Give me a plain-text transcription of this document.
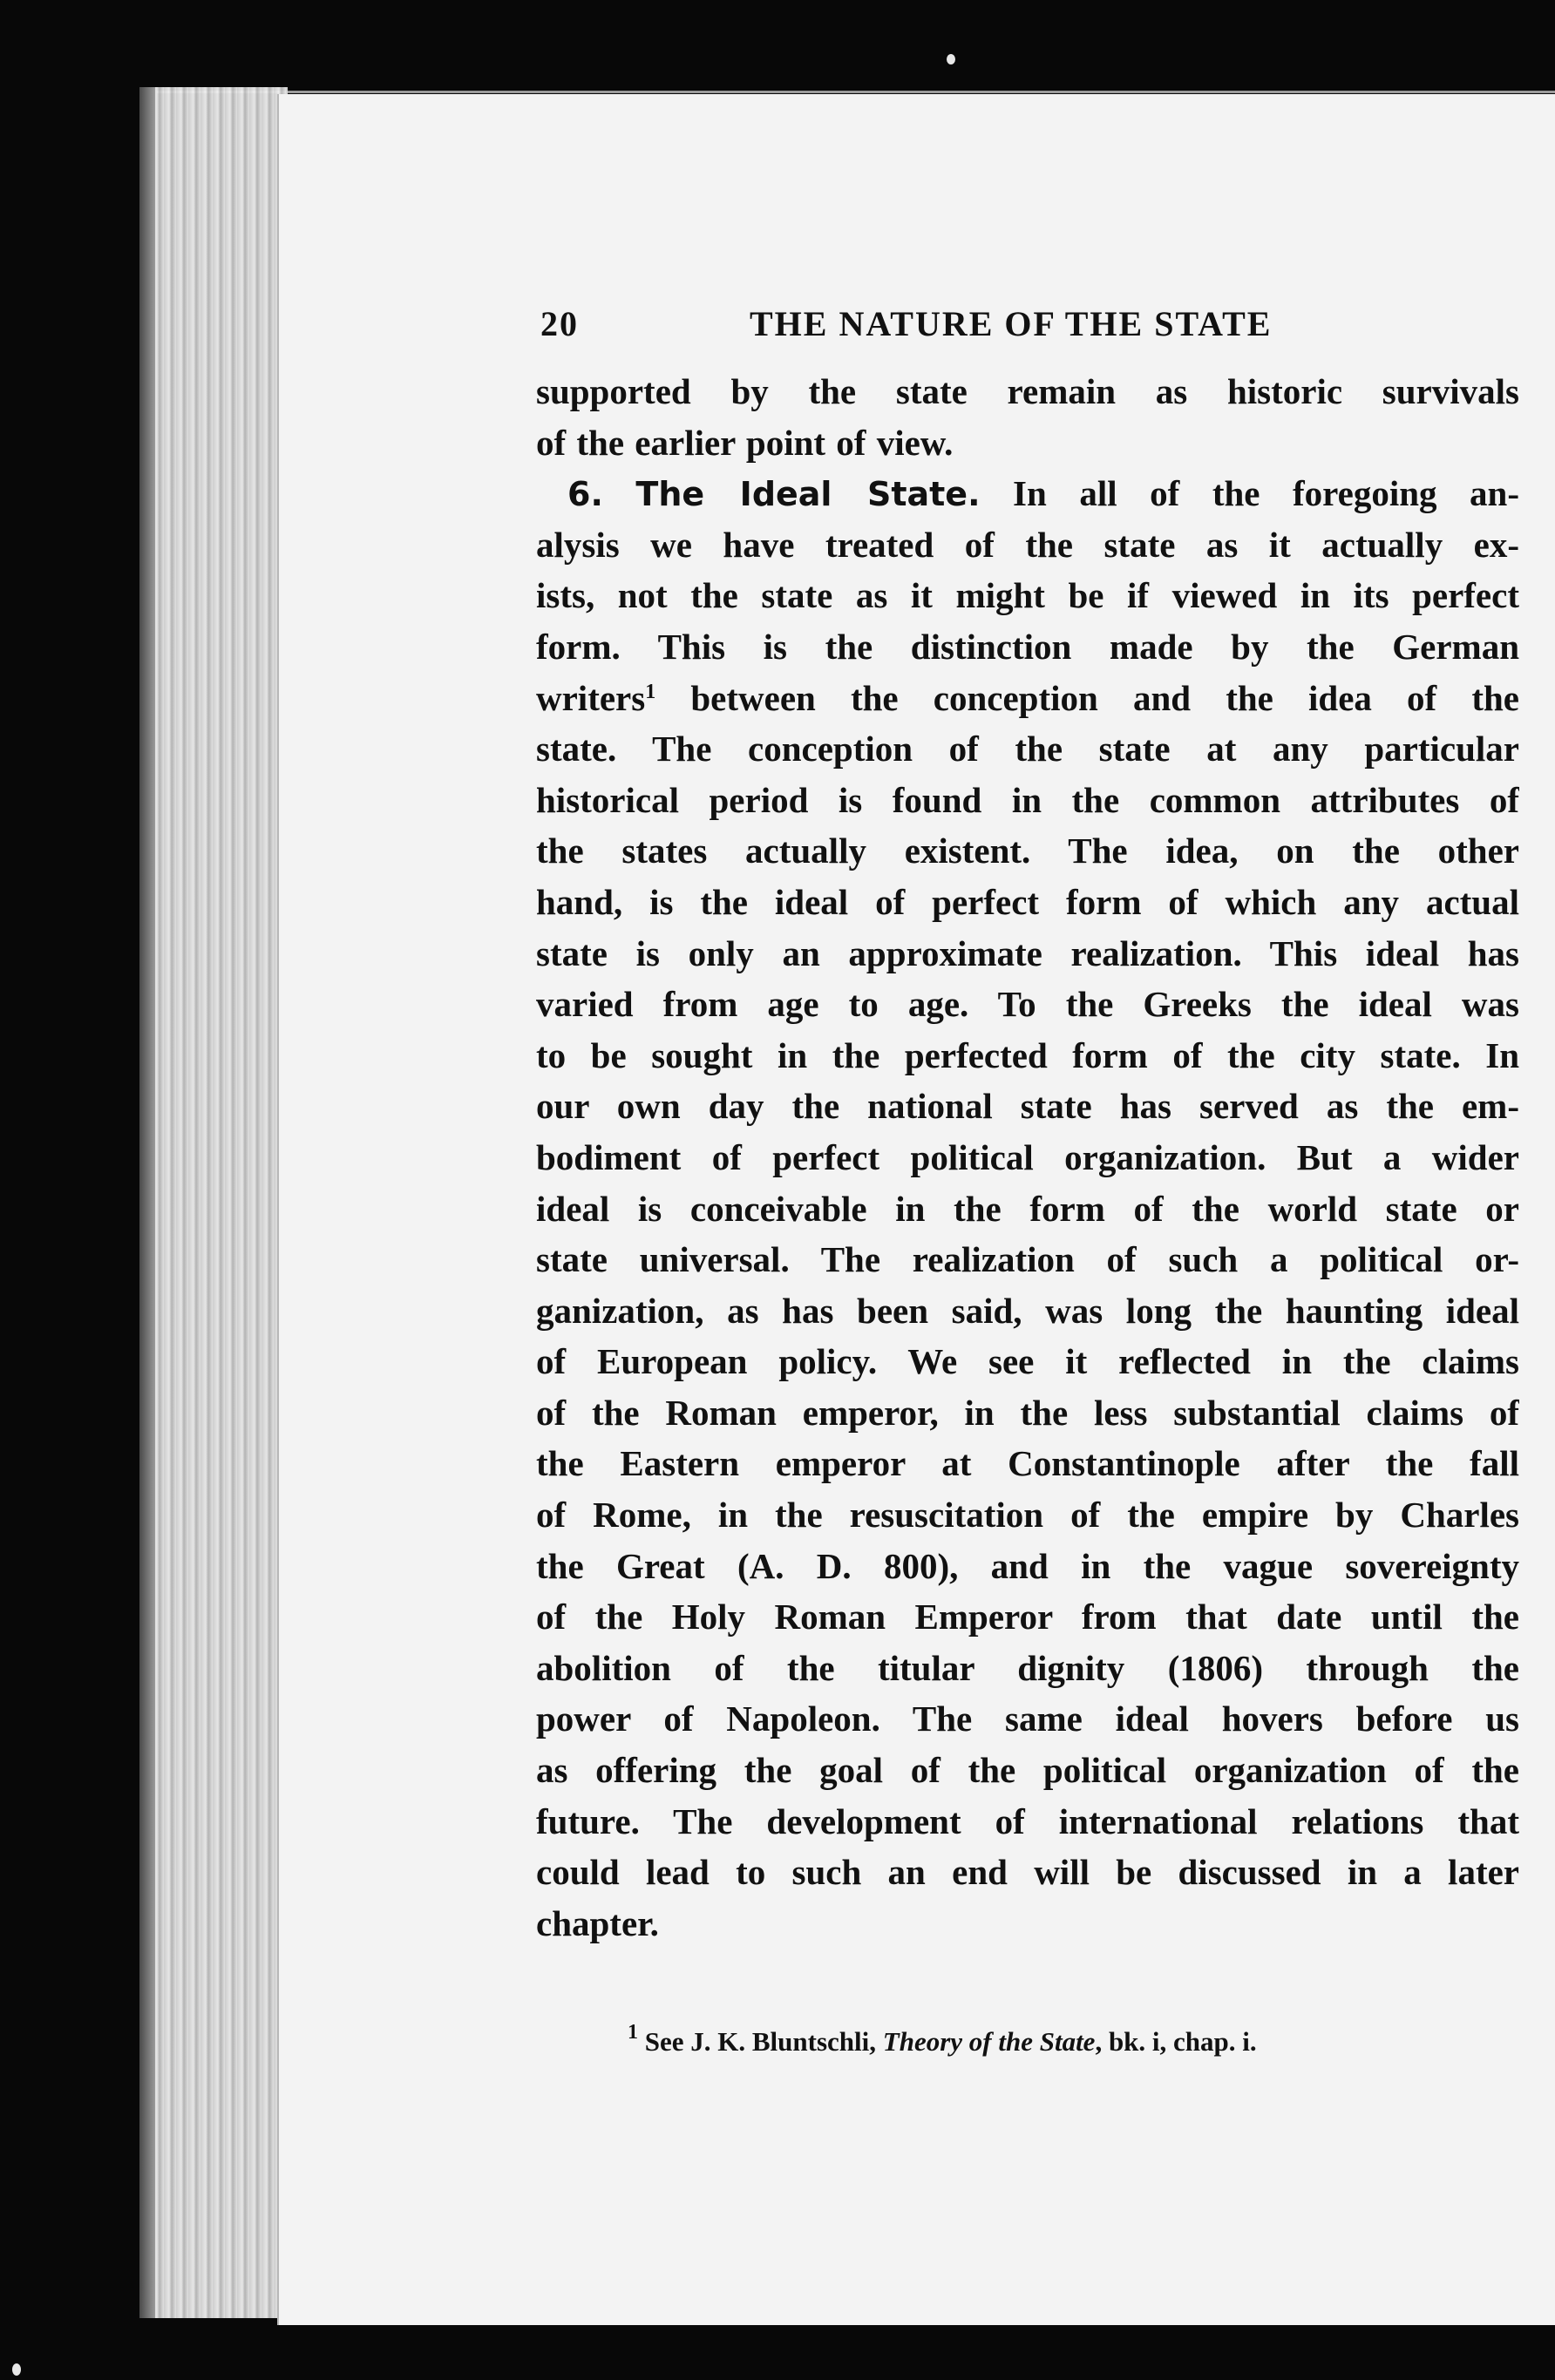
20	THE NATURE OF THE STATE
supported by the state remain as historic survivals
of the earlier point of view.
6. The Ideal State. In all of the foregoing an-
alysis we have treated of the state as it actually ex-
ists, not the state as it might be if viewed in its perfect
form. This is the distinction made by the German
writers$^1$ between the conception and the idea of the
state. The conception of the state at any particular
historical period is found in the common attributes of
the states actually existent. The idea, on the other
hand, is the ideal of perfect form of which any actual
state is only an approximate realization. This ideal has
varied from age to age. To the Greeks the ideal was
to be sought in the perfected form of the city state. In
our own day the national state has served as the em-
bodiment of perfect political organization. But a wider
ideal is conceivable in the form of the world state or
state universal. The realization of such a political or-
ganization, as has been said, was long the haunting ideal
of European policy. We see it reflected in the claims
of the Roman emperor, in the less substantial claims of
the Eastern emperor at Constantinople after the fall
of Rome, in the resuscitation of the empire by Charles
the Great (A. D. 800), and in the vague sovereignty
of the Holy Roman Emperor from that date until the
abolition of the titular dignity (1806) through the
power of Napoleon. The same ideal hovers before us
as offering the goal of the political organization of the
future. The development of international relations that
could lead to such an end will be discussed in a later
chapter.
$^1$ See J. K. Bluntschli, Theory of the State, bk. i, chap. i.
